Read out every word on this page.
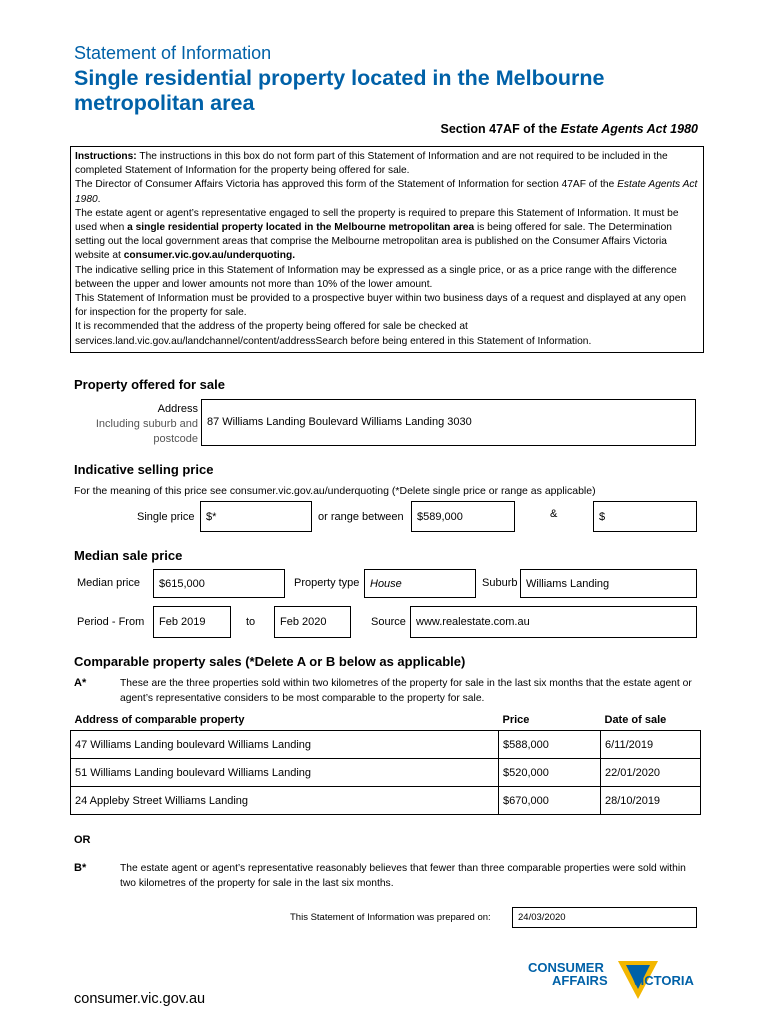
Statement of Information
Single residential property located in the Melbourne metropolitan area
Section 47AF of the Estate Agents Act 1980

Instructions: The instructions in this box do not form part of this Statement of Information and are not required to be included in the completed Statement of Information for the property being offered for sale.

The Director of Consumer Affairs Victoria has approved this form of the Statement of Information for section 47AF of the Estate Agents Act 1980.

The estate agent or agent’s representative engaged to sell the property is required to prepare this Statement of Information. It must be used when a single residential property located in the Melbourne metropolitan area is being offered for sale. The Determination setting out the local government areas that comprise the Melbourne metropolitan area is published on the Consumer Affairs Victoria website at consumer.vic.gov.au/underquoting.

The indicative selling price in this Statement of Information may be expressed as a single price, or as a price range with the difference between the upper and lower amounts not more than 10% of the lower amount.

This Statement of Information must be provided to a prospective buyer within two business days of a request and displayed at any open for inspection for the property for sale.

It is recommended that the address of the property being offered for sale be checked at services.land.vic.gov.au/landchannel/content/addressSearch before being entered in this Statement of Information.

Property offered for sale
Address
Including suburb and
postcode
87 Williams Landing Boulevard Williams Landing 3030
Indicative selling price
For the meaning of this price see consumer.vic.gov.au/underquoting (*Delete single price or range as applicable)
Single price	$*	or range between	$589,000	&	$
Median sale price
Median price	$615,000	Property type House	Suburb Williams Landing
Period - From	Feb 2019	to	Feb 2020	Source www.realestate.com.au
Comparable property sales (*Delete A or B below as applicable)
A*	These are the three properties sold within two kilometres of the property for sale in the last six months that the estate agent or agent’s representative considers to be most comparable to the property for sale.
Address of comparable property	Price	Date of sale
47 Williams Landing boulevard Williams Landing	$588,000	6/11/2019
51 Williams Landing boulevard Williams Landing	$520,000	22/01/2020
24 Appleby Street Williams Landing	$670,000	28/10/2019
OR
B*	The estate agent or agent’s representative reasonably believes that fewer than three comparable properties were sold within two kilometres of the property for sale in the last six months.
This Statement of Information was prepared on:	24/03/2020
consumer.vic.gov.au
CONSUMER
AFFAIRS VICTORIA
